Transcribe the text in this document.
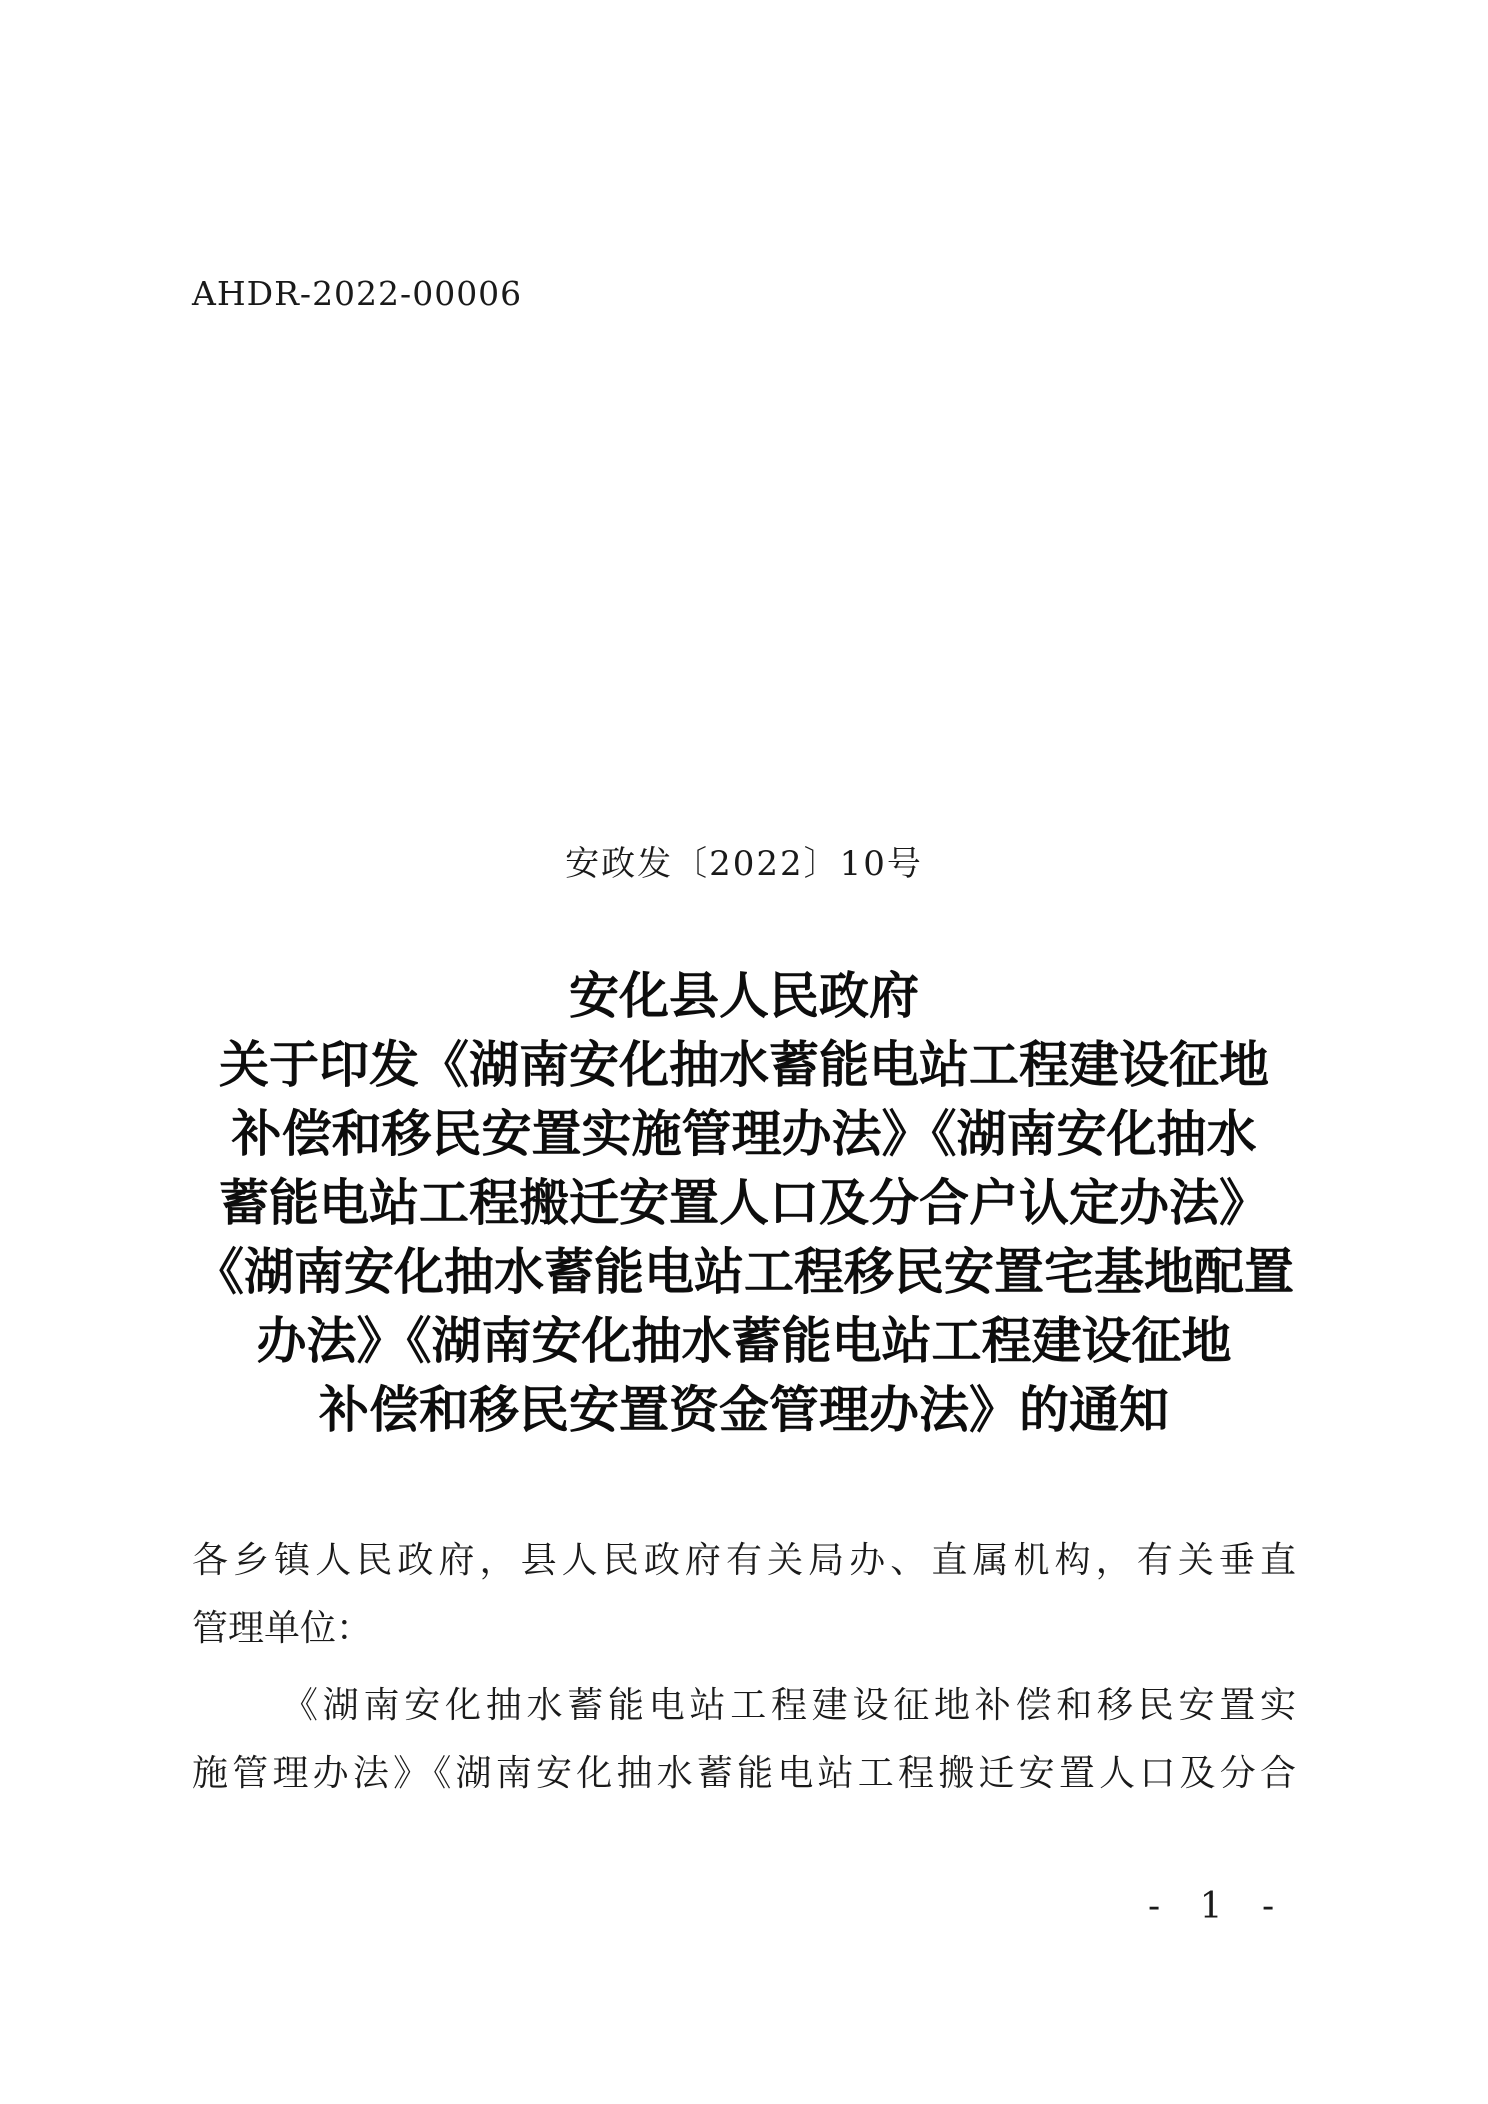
AHDR-2022-00006
安政发〔2022〕10号
安化县人民政府
关于印发《湖南安化抽水蓄能电站工程建设征地
补偿和移民安置实施管理办法》《湖南安化抽水
蓄能电站工程搬迁安置人口及分合户认定办法》
《湖南安化抽水蓄能电站工程移民安置宅基地配置
办法》《湖南安化抽水蓄能电站工程建设征地
补偿和移民安置资金管理办法》的通知
各乡镇人民政府，县人民政府有关局办、直属机构，有关垂直
管理单位：
《湖南安化抽水蓄能电站工程建设征地补偿和移民安置实
施管理办法》《湖南安化抽水蓄能电站工程搬迁安置人口及分合
- 1 -
